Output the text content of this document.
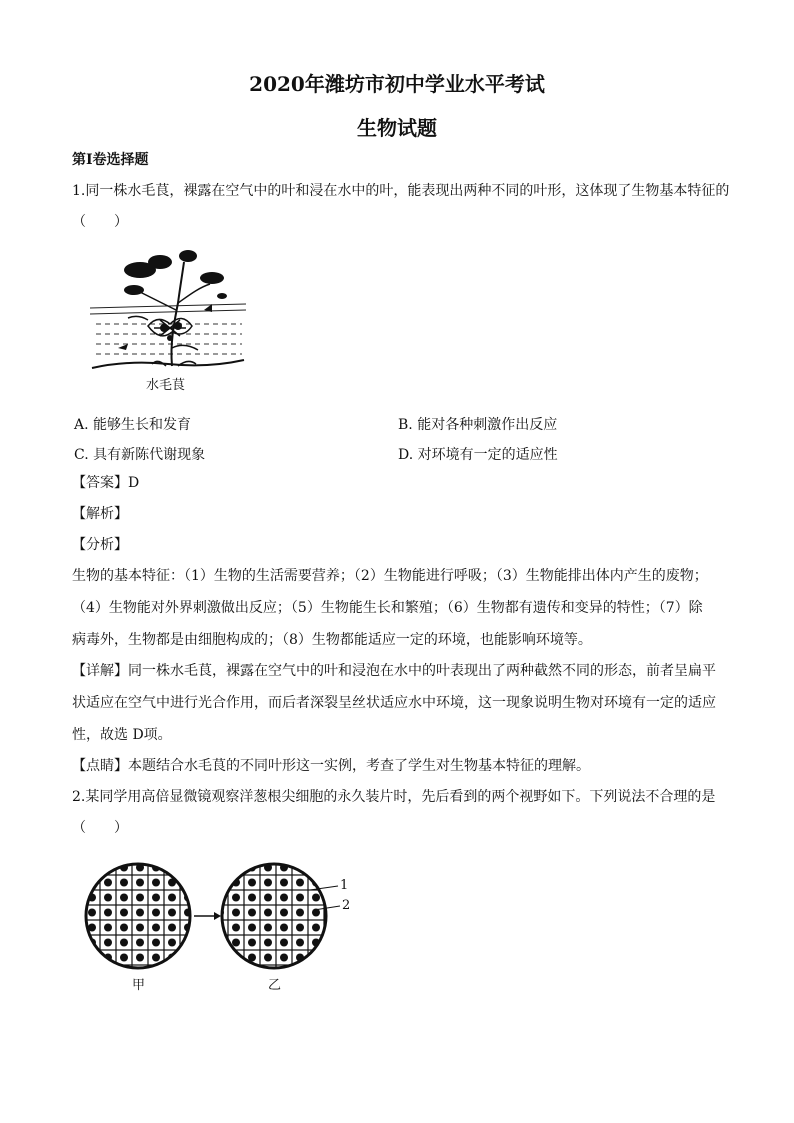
2020年潍坊市初中学业水平考试
生物试题
第Ⅰ卷选择题
1.同一株水毛茛，裸露在空气中的叶和浸在水中的叶，能表现出两种不同的叶形，这体现了生物基本特征的
（　　）
水毛茛
A. 能够生长和发育	B. 能对各种刺激作出反应
C. 具有新陈代谢现象	D. 对环境有一定的适应性
【答案】D
【解析】
【分析】
生物的基本特征：（1）生物的生活需要营养；（2）生物能进行呼吸；（3）生物能排出体内产生的废物；
（4）生物能对外界刺激做出反应；（5）生物能生长和繁殖；（6）生物都有遗传和变异的特性；（7）除
病毒外，生物都是由细胞构成的；（8）生物都能适应一定的环境，也能影响环境等。
【详解】同一株水毛茛，裸露在空气中的叶和浸泡在水中的叶表现出了两种截然不同的形态，前者呈扁平
状适应在空气中进行光合作用，而后者深裂呈丝状适应水中环境，这一现象说明生物对环境有一定的适应
性，故选 D项。
【点睛】本题结合水毛茛的不同叶形这一实例，考查了学生对生物基本特征的理解。
2.某同学用高倍显微镜观察洋葱根尖细胞的永久装片时，先后看到的两个视野如下。下列说法不合理的是
（　　）
1
2
甲	乙
